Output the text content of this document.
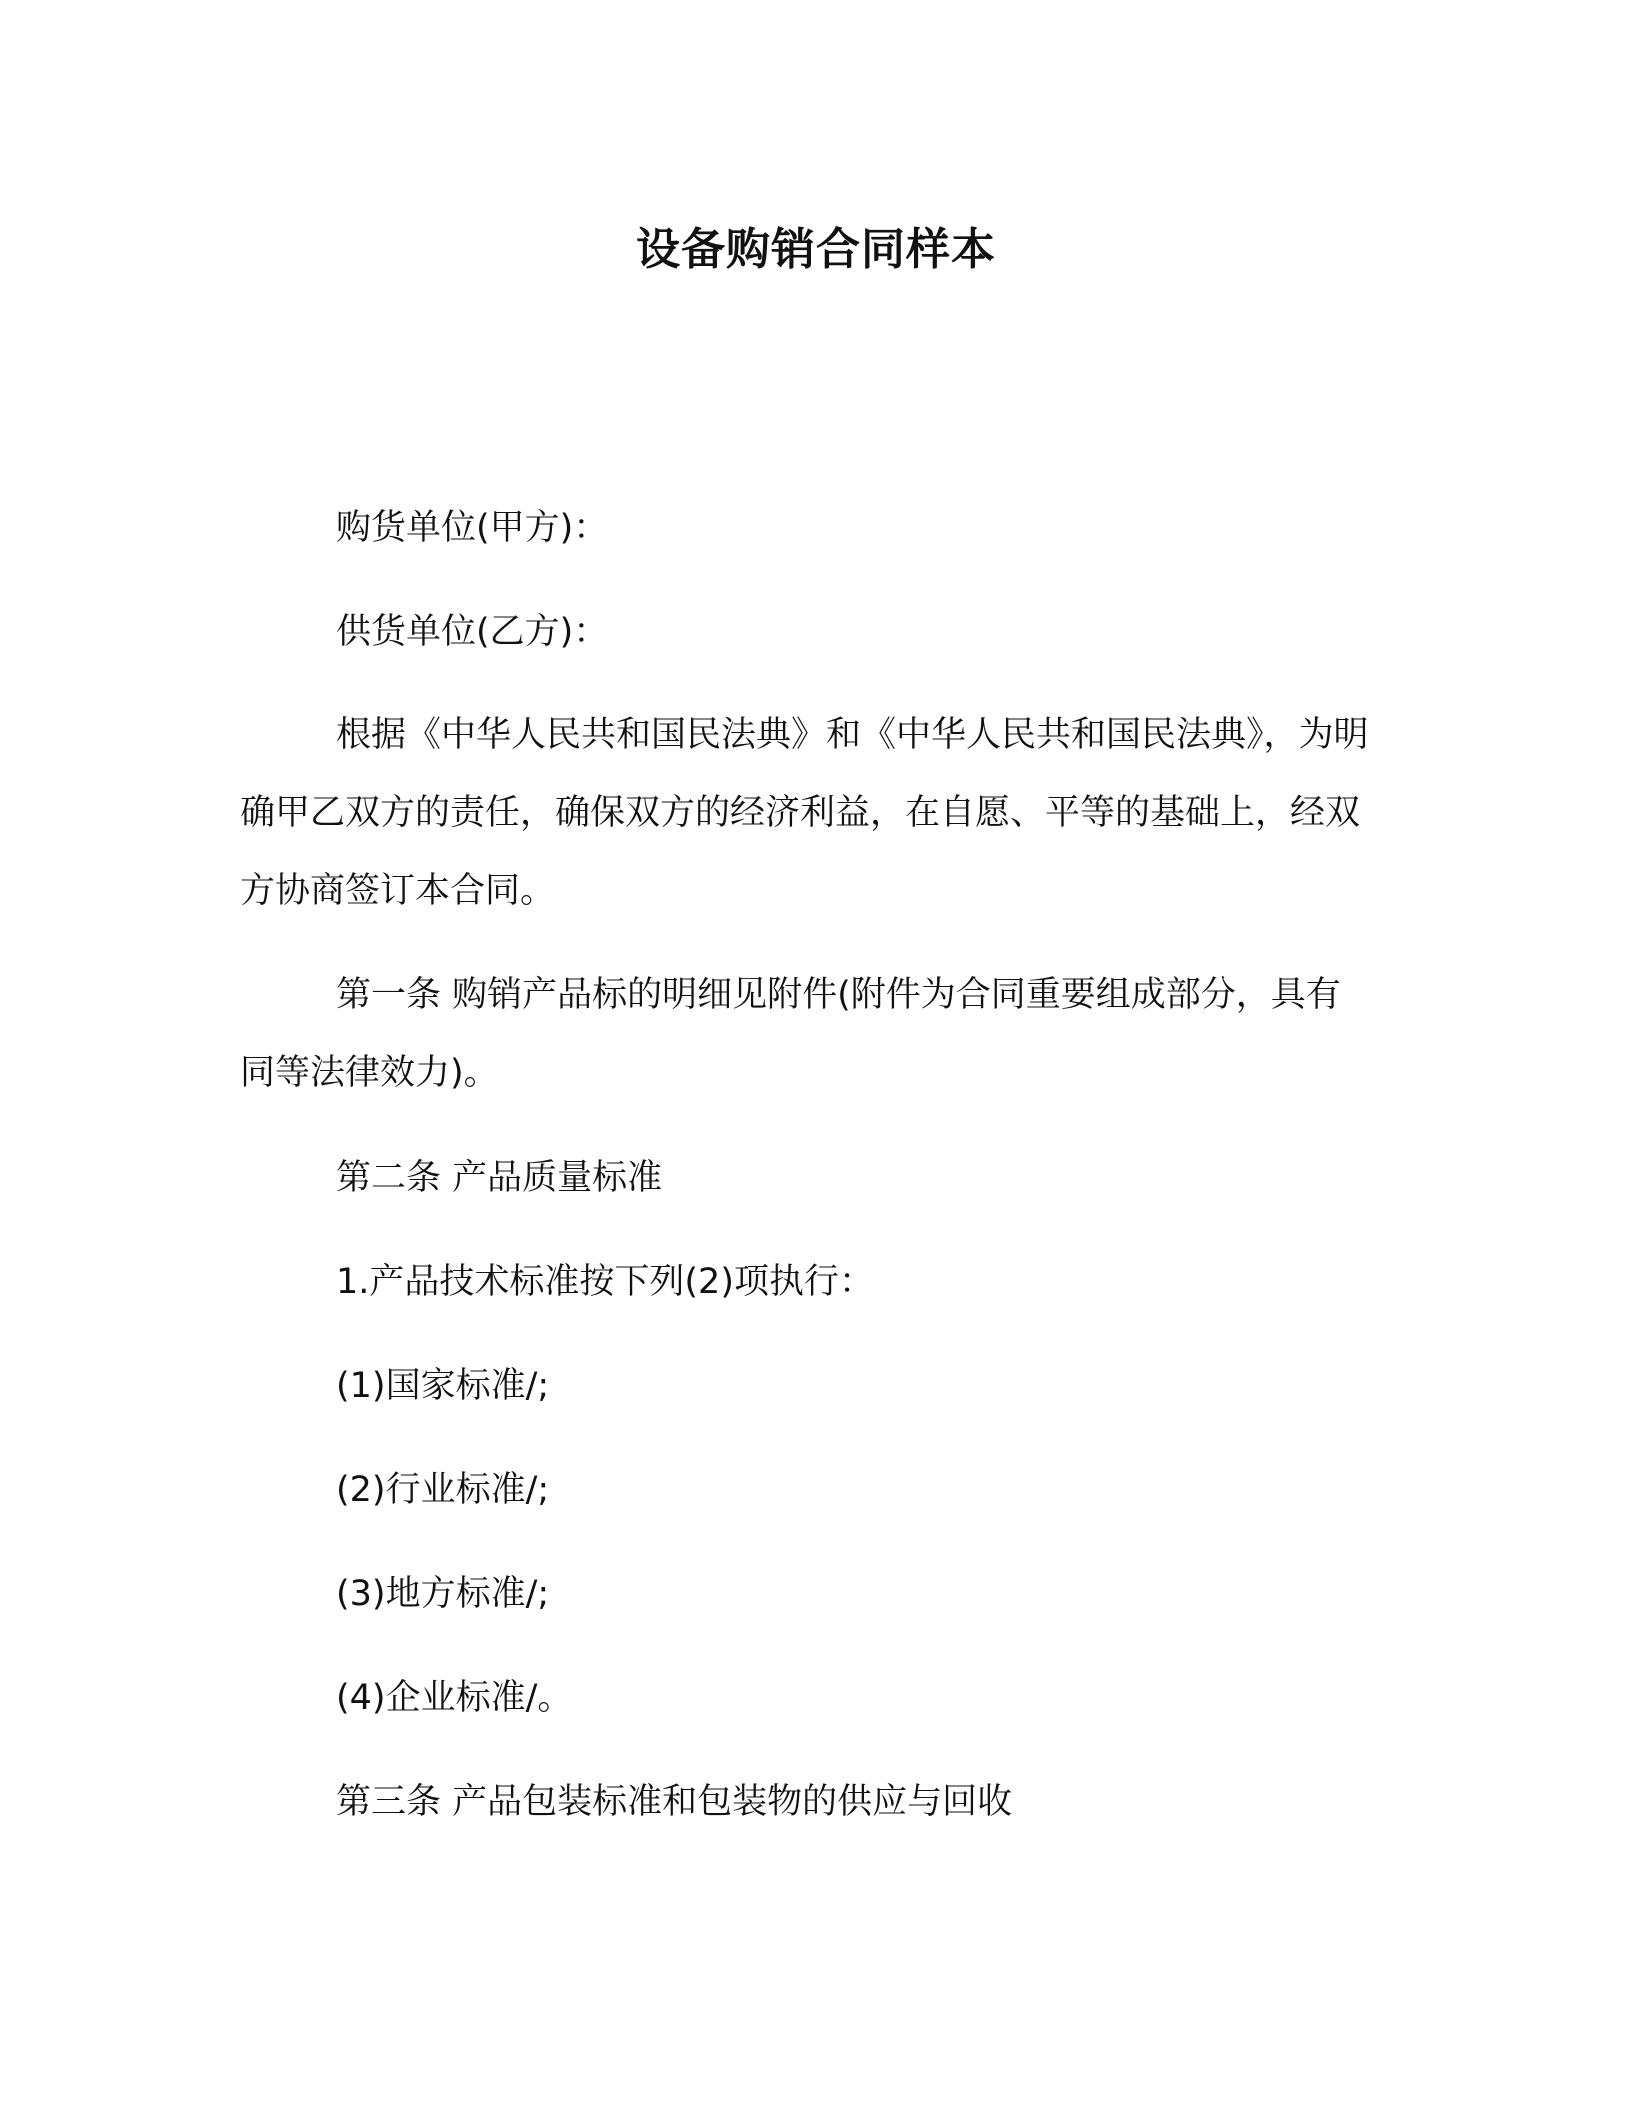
设备购销合同样本

购货单位(甲方)：

供货单位(乙方)：

根据《中华人民共和国民法典》和《中华人民共和国民法典》，为明确甲乙双方的责任，确保双方的经济利益，在自愿、平等的基础上，经双方协商签订本合同。

第一条 购销产品标的明细见附件(附件为合同重要组成部分，具有同等法律效力)。

第二条 产品质量标准

1.产品技术标准按下列(2)项执行：

(1)国家标准/;

(2)行业标准/;

(3)地方标准/;

(4)企业标准/。

第三条 产品包装标准和包装物的供应与回收
